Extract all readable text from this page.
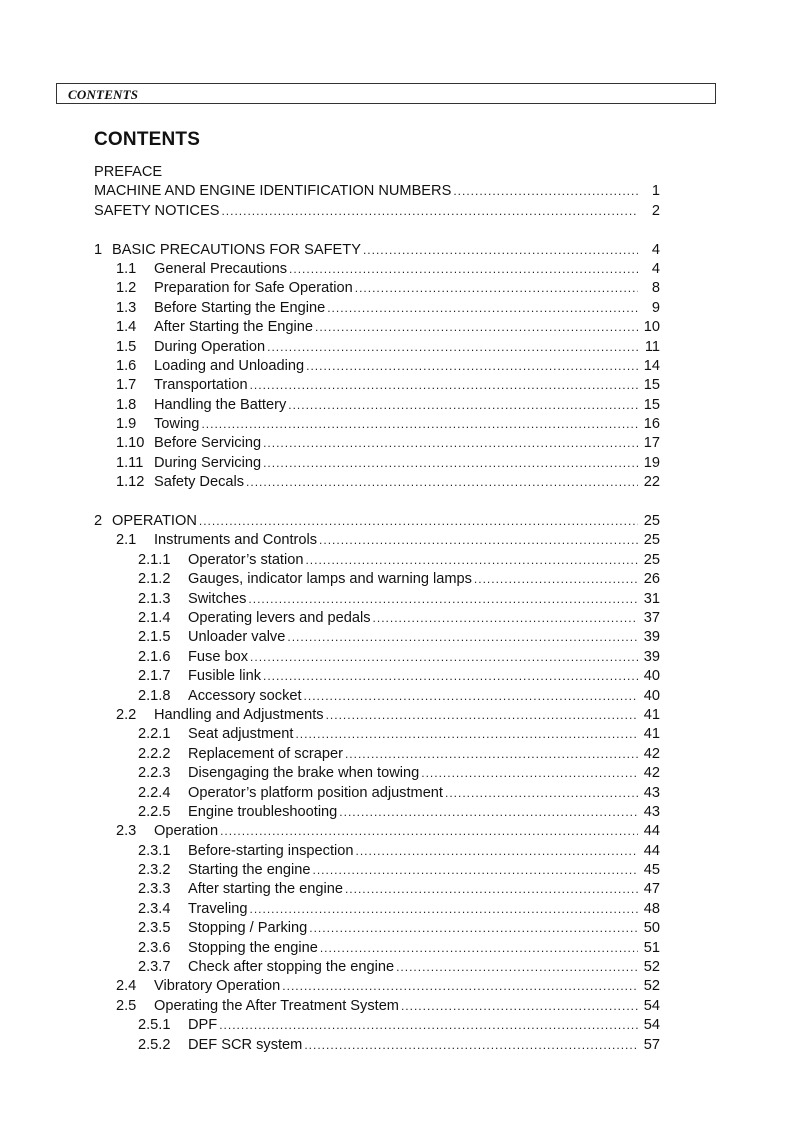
CONTENTS
CONTENTS
PREFACE
MACHINE AND ENGINE IDENTIFICATION NUMBERS .....	1
SAFETY NOTICES .....	2
1 BASIC PRECAUTIONS FOR SAFETY .....	4
1.1	General Precautions .....	4
1.2	Preparation for Safe Operation .....	8
1.3	Before Starting the Engine .....	9
1.4	After Starting the Engine .....	10
1.5	During Operation .....	11
1.6	Loading and Unloading .....	14
1.7	Transportation .....	15
1.8	Handling the Battery .....	15
1.9	Towing .....	16
1.10 Before Servicing .....	17
1.11 During Servicing .....	19
1.12 Safety Decals .....	22
2 OPERATION .....	25
2.1	Instruments and Controls .....	25
2.1.1	Operator’s station .....	25
2.1.2	Gauges, indicator lamps and warning lamps .....	26
2.1.3	Switches .....	31
2.1.4	Operating levers and pedals .....	37
2.1.5	Unloader valve .....	39
2.1.6	Fuse box .....	39
2.1.7	Fusible link .....	40
2.1.8	Accessory socket .....	40
2.2	Handling and Adjustments .....	41
2.2.1	Seat adjustment .....	41
2.2.2	Replacement of scraper .....	42
2.2.3	Disengaging the brake when towing .....	42
2.2.4	Operator’s platform position adjustment .....	43
2.2.5	Engine troubleshooting .....	43
2.3	Operation .....	44
2.3.1	Before-starting inspection .....	44
2.3.2	Starting the engine .....	45
2.3.3	After starting the engine .....	47
2.3.4	Traveling .....	48
2.3.5	Stopping / Parking .....	50
2.3.6	Stopping the engine .....	51
2.3.7	Check after stopping the engine .....	52
2.4	Vibratory Operation .....	52
2.5	Operating the After Treatment System .....	54
2.5.1	DPF .....	54
2.5.2	DEF SCR system .....	57
